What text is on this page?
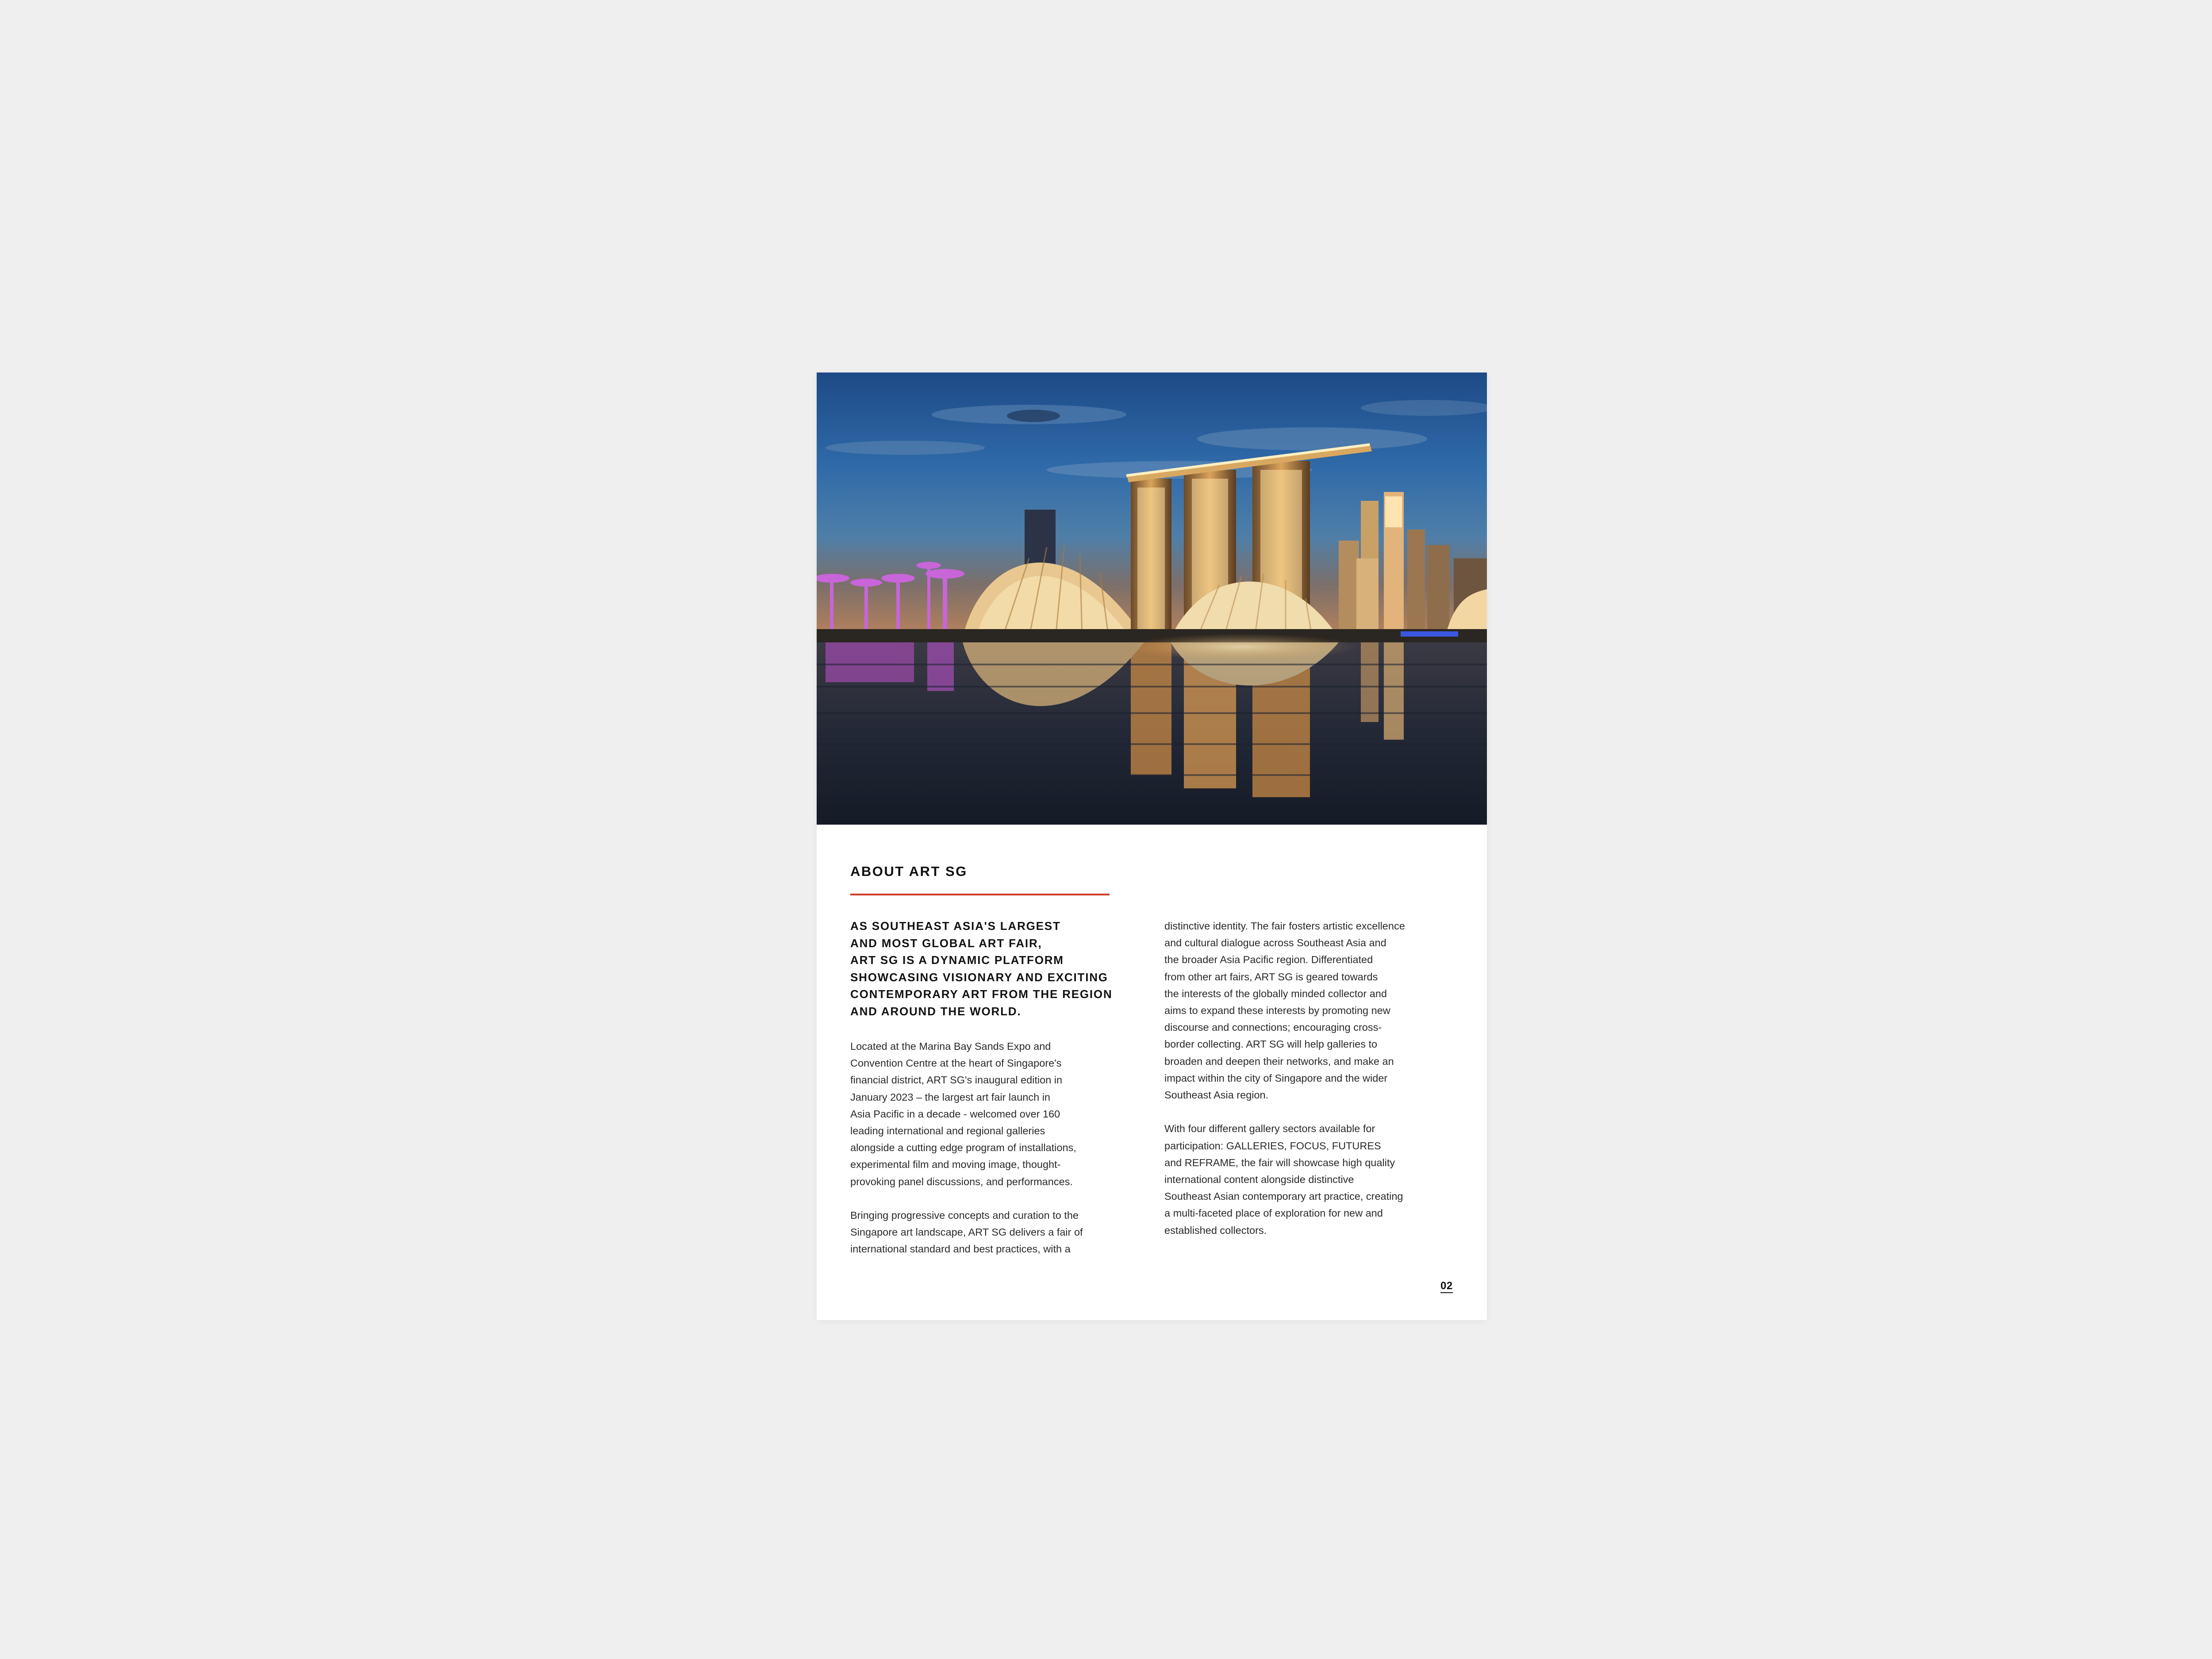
ABOUT ART SG
AS SOUTHEAST ASIA'S LARGEST
AND MOST GLOBAL ART FAIR,
ART SG IS A DYNAMIC PLATFORM
SHOWCASING VISIONARY AND EXCITING
CONTEMPORARY ART FROM THE REGION
AND AROUND THE WORLD.

Located at the Marina Bay Sands Expo and
Convention Centre at the heart of Singapore's
financial district, ART SG's inaugural edition in
January 2023 – the largest art fair launch in
Asia Pacific in a decade - welcomed over 160
leading international and regional galleries
alongside a cutting edge program of installations,
experimental film and moving image, thought-
provoking panel discussions, and performances.

Bringing progressive concepts and curation to the
Singapore art landscape, ART SG delivers a fair of
international standard and best practices, with a

distinctive identity. The fair fosters artistic excellence
and cultural dialogue across Southeast Asia and
the broader Asia Pacific region. Differentiated
from other art fairs, ART SG is geared towards
the interests of the globally minded collector and
aims to expand these interests by promoting new
discourse and connections; encouraging cross-
border collecting. ART SG will help galleries to
broaden and deepen their networks, and make an
impact within the city of Singapore and the wider
Southeast Asia region.

With four different gallery sectors available for
participation: GALLERIES, FOCUS, FUTURES
and REFRAME, the fair will showcase high quality
international content alongside distinctive
Southeast Asian contemporary art practice, creating
a multi-faceted place of exploration for new and
established collectors.

02
